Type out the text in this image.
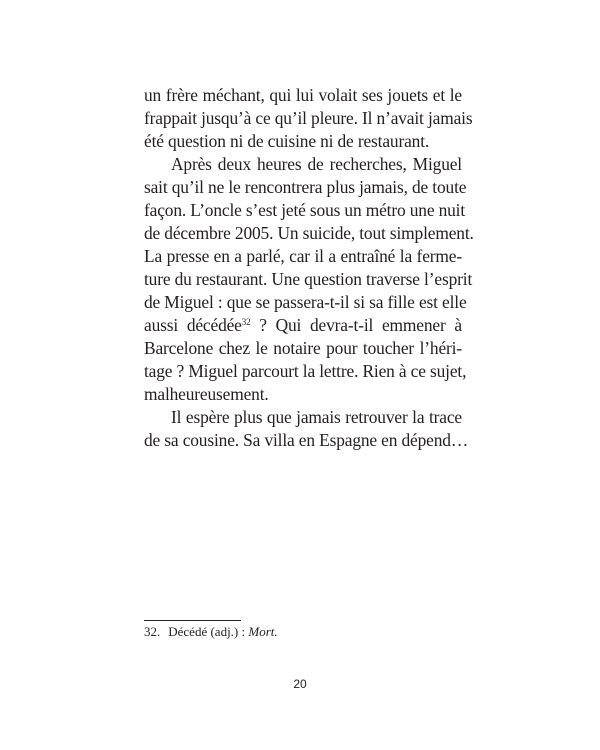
un frère méchant, qui lui volait ses jouets et le
frappait jusqu’à ce qu’il pleure. Il n’avait jamais
été question ni de cuisine ni de restaurant.
Après deux heures de recherches, Miguel
sait qu’il ne le rencontrera plus jamais, de toute
façon. L’oncle s’est jeté sous un métro une nuit
de décembre 2005. Un suicide, tout simplement.
La presse en a parlé, car il a entraîné la ferme-
ture du restaurant. Une question traverse l’esprit
de Miguel : que se passera-t-il si sa fille est elle
aussi décédée$^{32}$ ? Qui devra-t-il emmener à
Barcelone chez le notaire pour toucher l’héri-
tage ? Miguel parcourt la lettre. Rien à ce sujet,
malheureusement.
Il espère plus que jamais retrouver la trace
de sa cousine. Sa villa en Espagne en dépend…
32. Décédé (adj.) : Mort.
20
